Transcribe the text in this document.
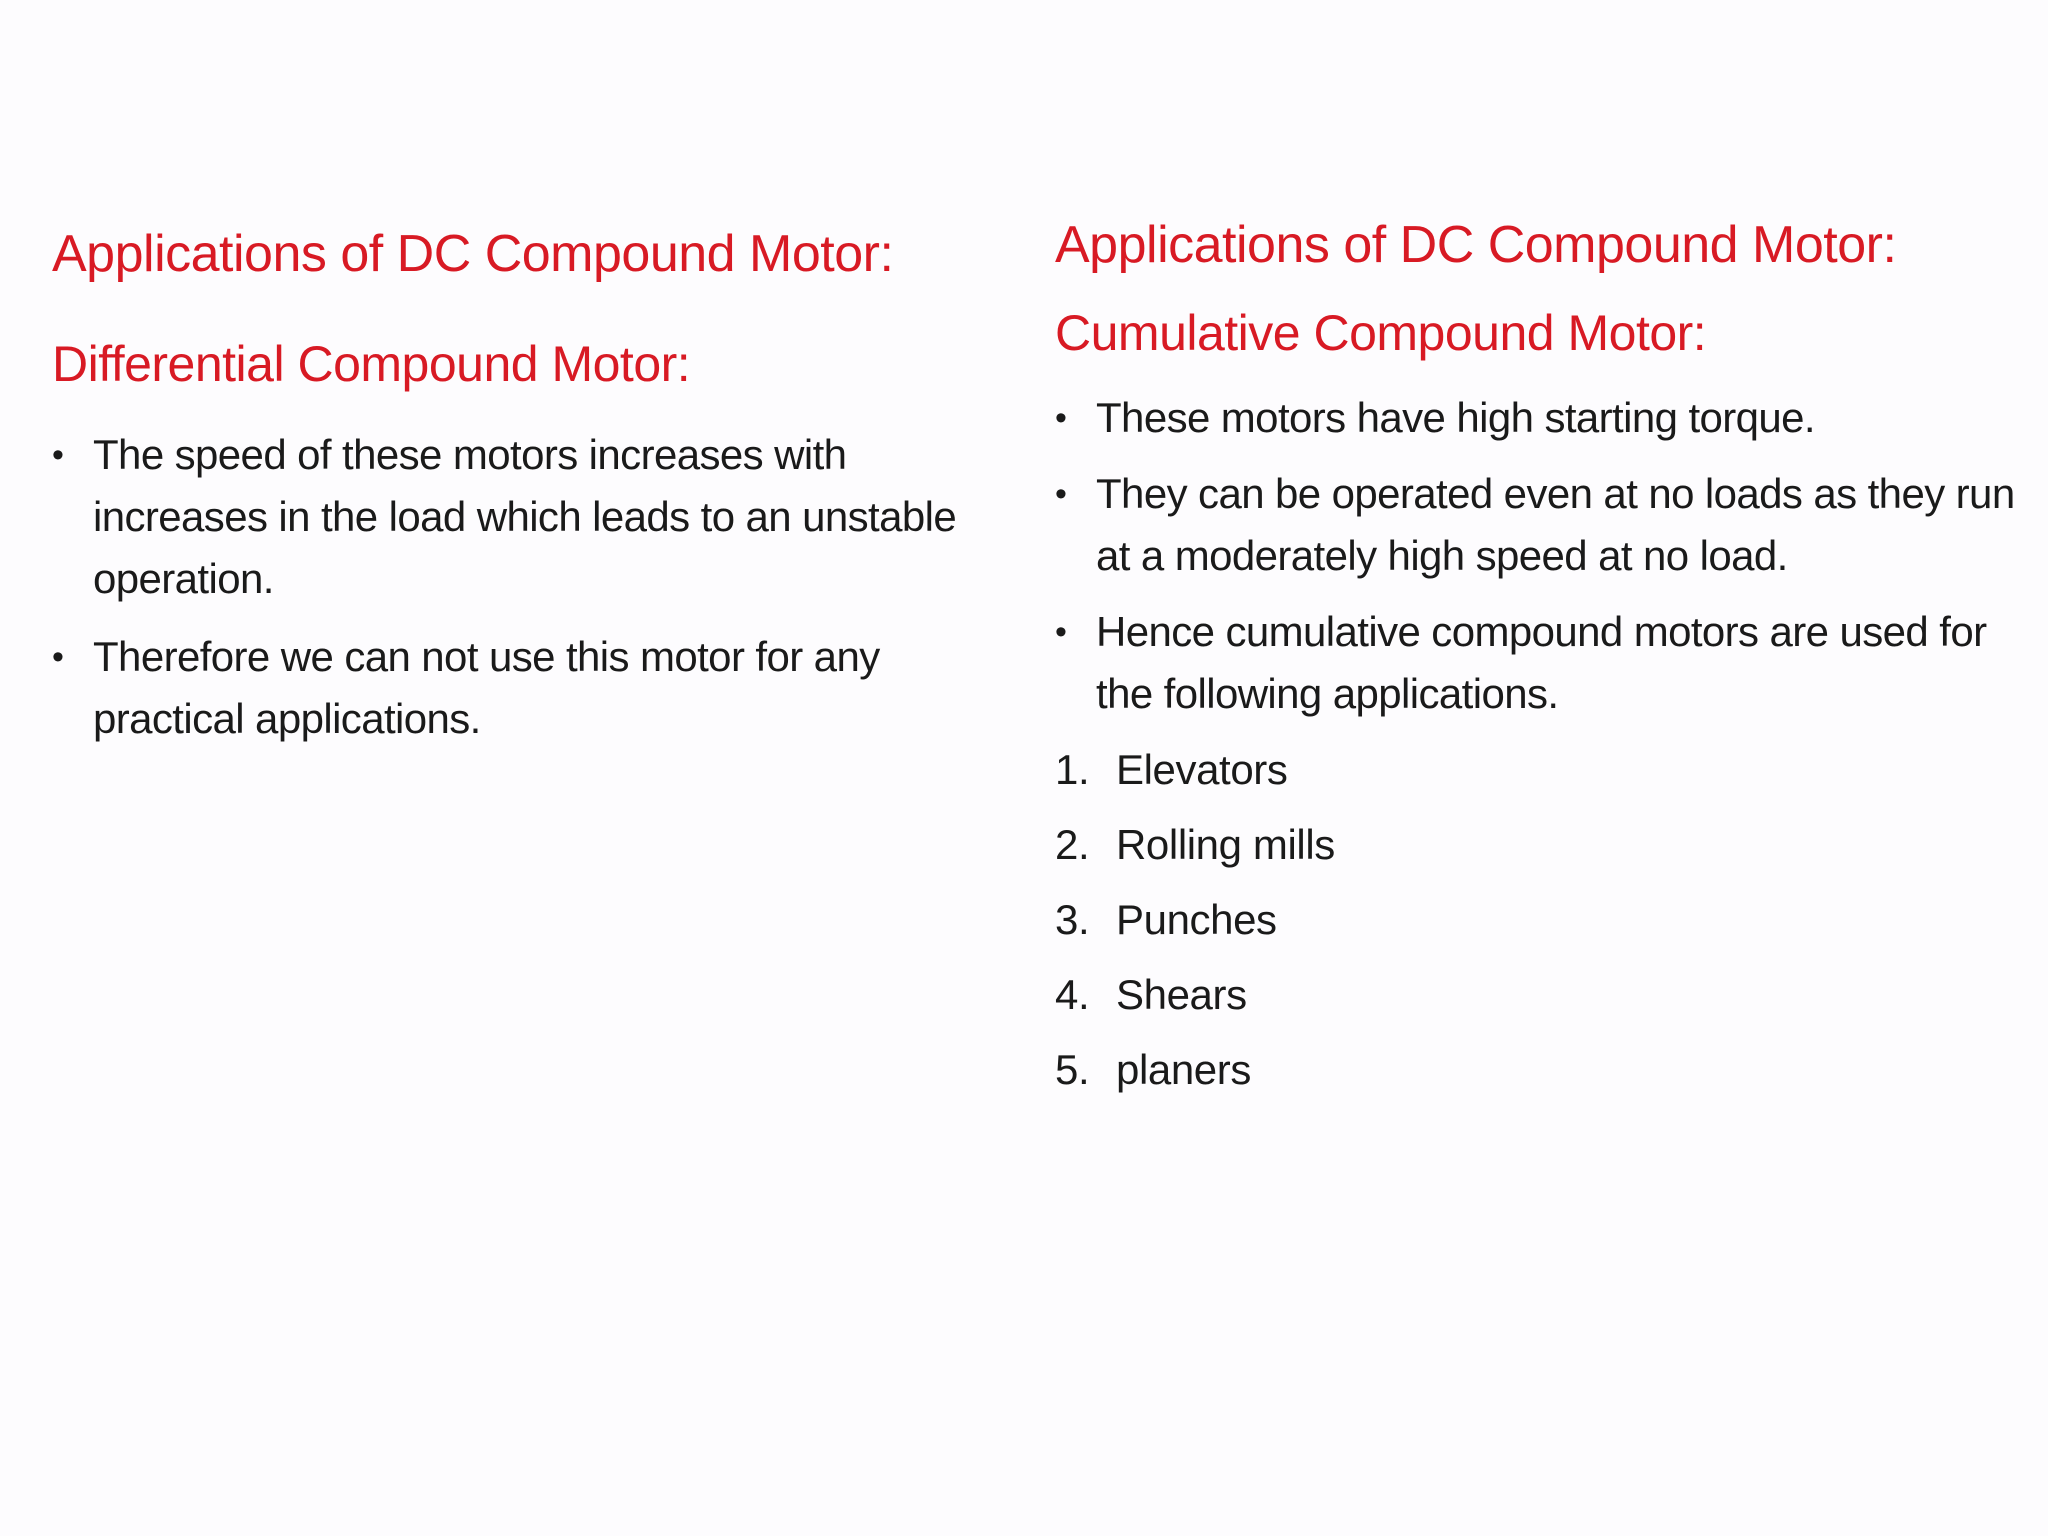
Applications of DC Compound Motor:
Differential Compound Motor:
• The speed of these motors increases with increases in the load which leads to an unstable operation.
• Therefore we can not use this motor for any practical applications.
Applications of DC Compound Motor:
Cumulative Compound Motor:
• These motors have high starting torque.
• They can be operated even at no loads as they run at a moderately high speed at no load.
• Hence cumulative compound motors are used for the following applications.
1. Elevators
2. Rolling mills
3. Punches
4. Shears
5. planers
